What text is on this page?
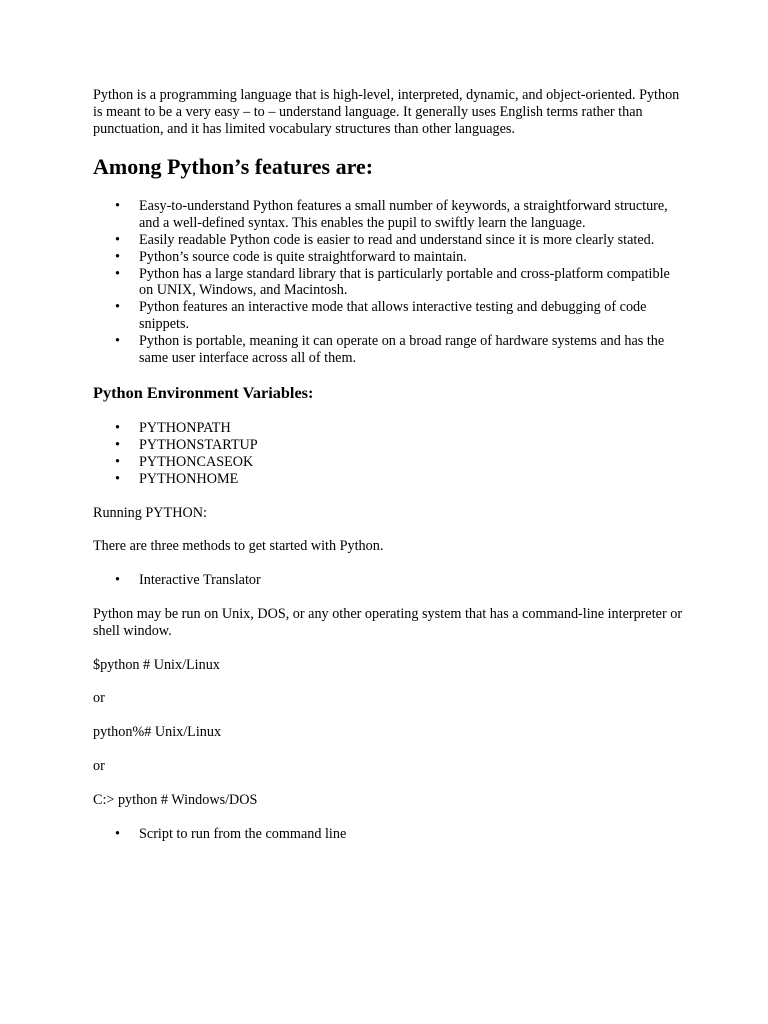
Python is a programming language that is high-level, interpreted, dynamic, and object-oriented. Python is meant to be a very easy – to – understand language. It generally uses English terms rather than punctuation, and it has limited vocabulary structures than other languages.

Among Python’s features are:
• Easy-to-understand Python features a small number of keywords, a straightforward structure, and a well-defined syntax. This enables the pupil to swiftly learn the language.
• Easily readable Python code is easier to read and understand since it is more clearly stated.
• Python’s source code is quite straightforward to maintain.
• Python has a large standard library that is particularly portable and cross-platform compatible on UNIX, Windows, and Macintosh.
• Python features an interactive mode that allows interactive testing and debugging of code snippets.
• Python is portable, meaning it can operate on a broad range of hardware systems and has the same user interface across all of them.
Python Environment Variables:
• PYTHONPATH
• PYTHONSTARTUP
• PYTHONCASEOK
• PYTHONHOME

Running PYTHON:

There are three methods to get started with Python.

• Interactive Translator

Python may be run on Unix, DOS, or any other operating system that has a command-line interpreter or shell window.

$python # Unix/Linux

or

python%# Unix/Linux

or

C:> python # Windows/DOS

• Script to run from the command line
